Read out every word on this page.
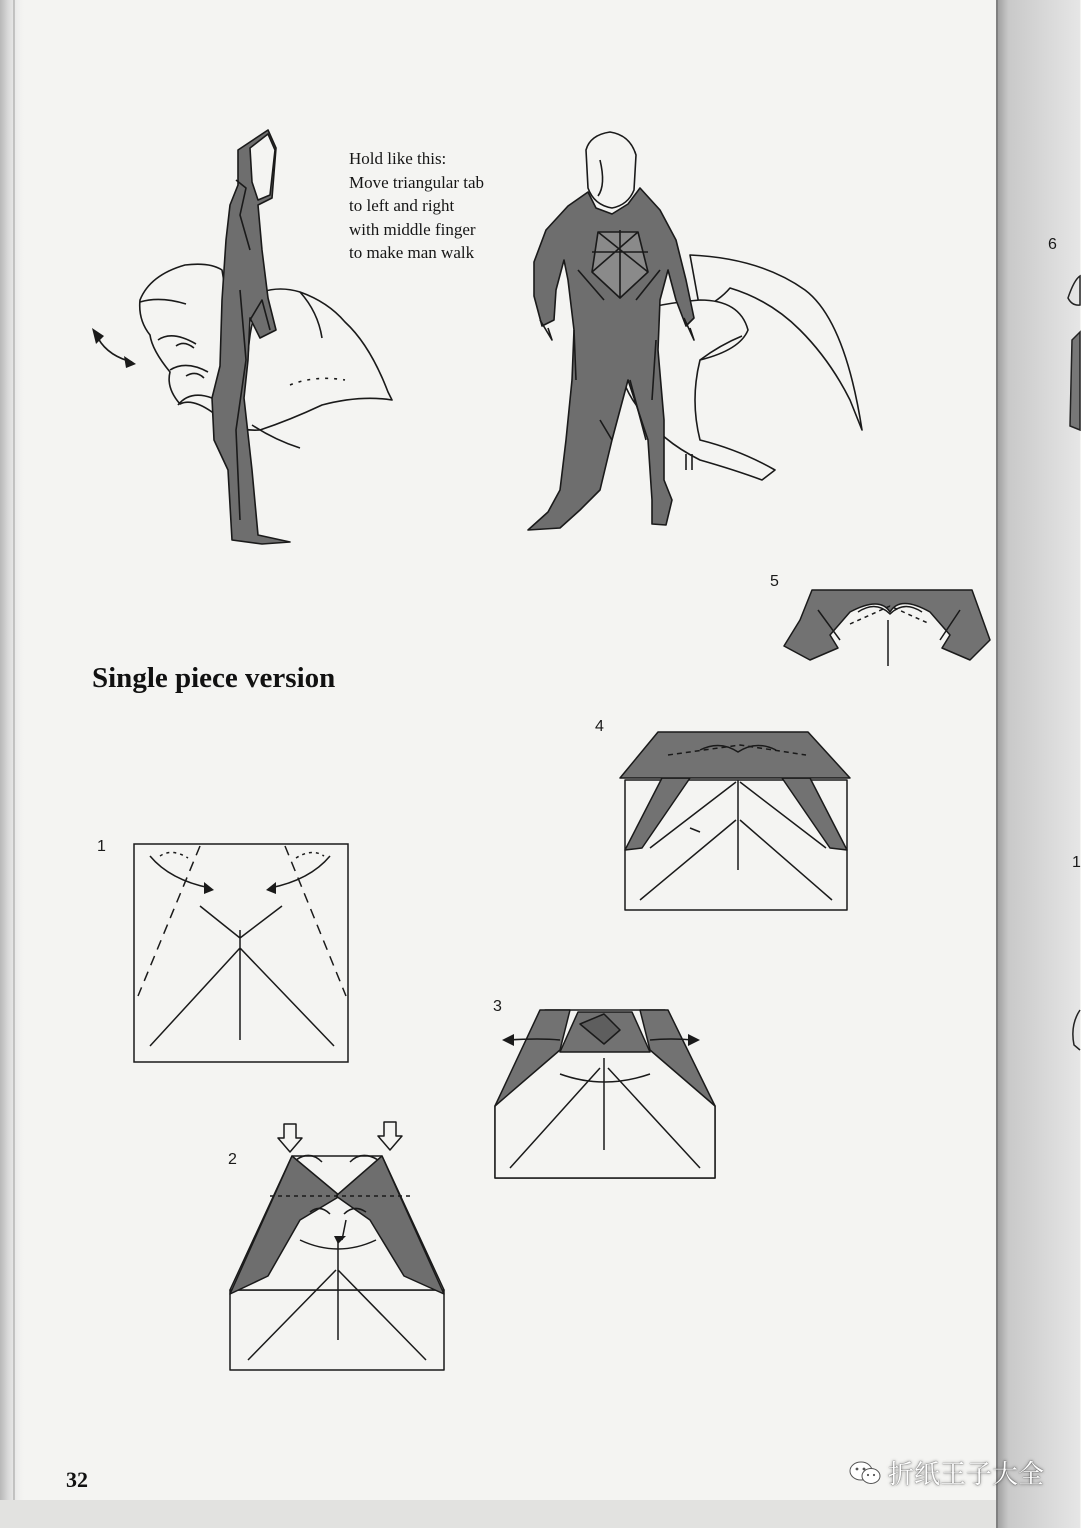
Hold like this:
Move triangular tab
to left and right
with middle finger
to make man walk
Single piece version
1
2
3
4
5
6
1
32	折纸王子大全
